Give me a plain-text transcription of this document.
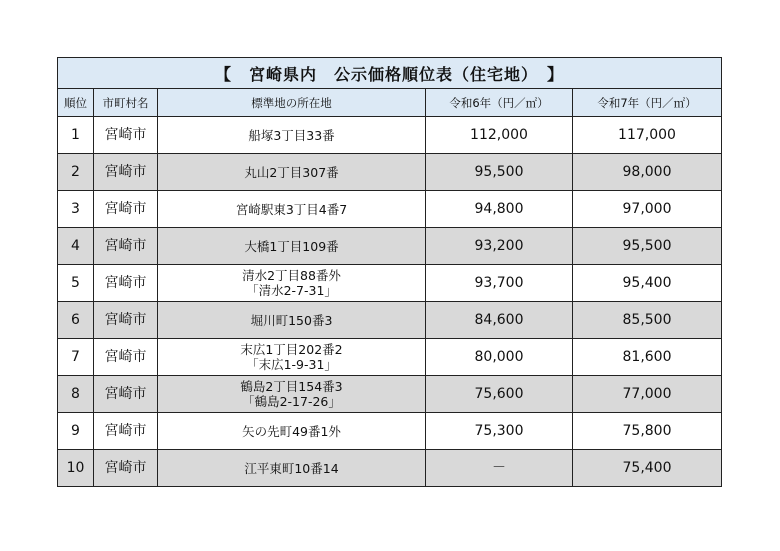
【　宮崎県内　公示価格順位表（住宅地）　】				
順位	市町村名	標準地の所在地	令和6年（円／㎡）	令和7年（円／㎡）
1	宮崎市	船塚3丁目33番	112,000	117,000
2	宮崎市	丸山2丁目307番	95,500	98,000
3	宮崎市	宮崎駅東3丁目4番7	94,800	97,000
4	宮崎市	大橋1丁目109番	93,200	95,500
5	宮崎市	清水2丁目88番外
「清水2-7-31」	93,700	95,400
6	宮崎市	堀川町150番3	84,600	85,500
7	宮崎市	末広1丁目202番2
「末広1-9-31」	80,000	81,600
8	宮崎市	鶴島2丁目154番3
「鶴島2-17-26」	75,600	77,000
9	宮崎市	矢の先町49番1外	75,300	75,800
10	宮崎市	江平東町10番14	－	75,400
